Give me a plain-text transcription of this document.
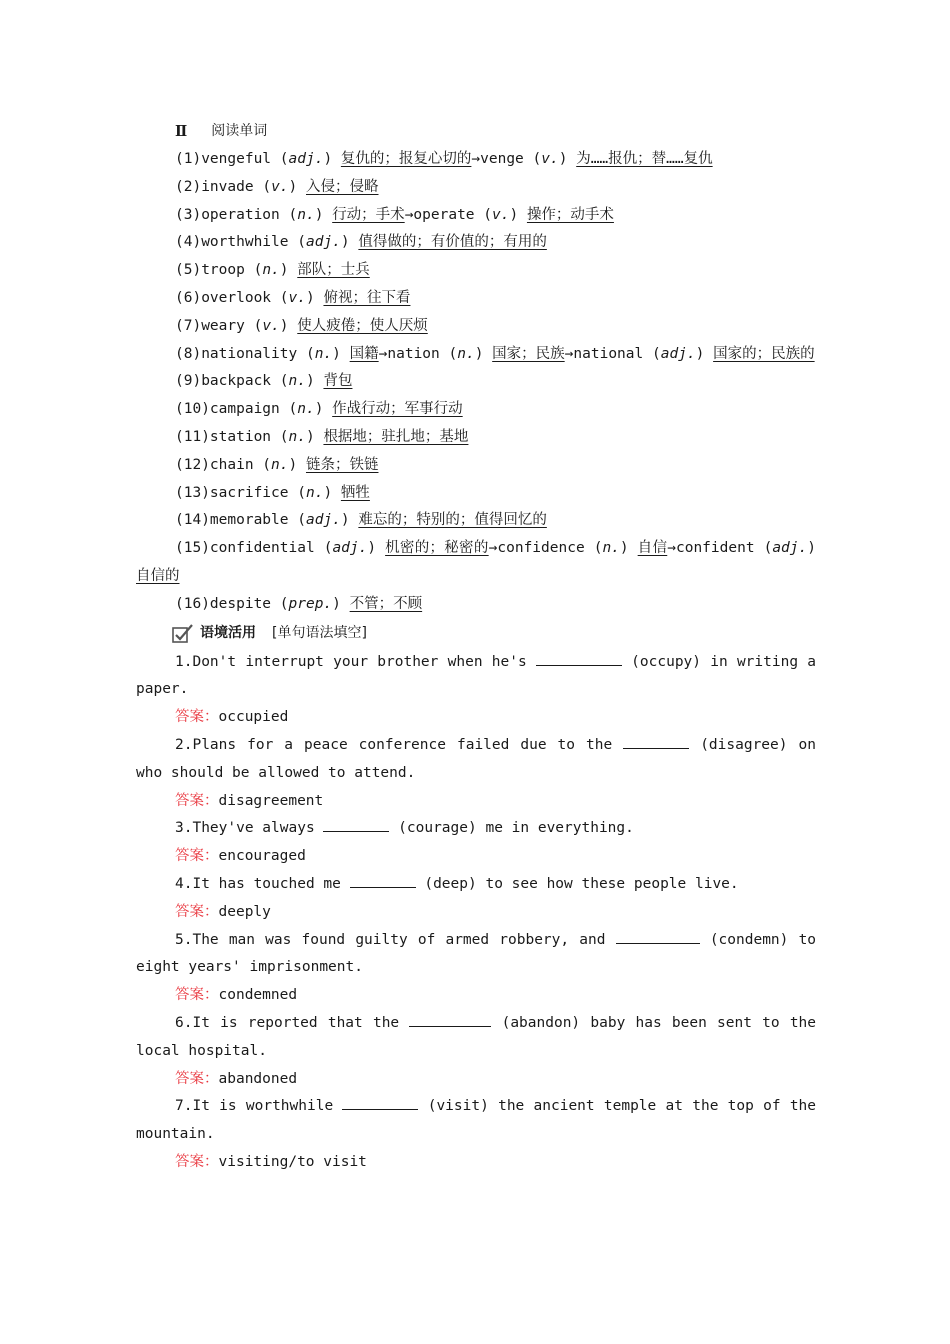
Ⅱ 阅读单词
(1)vengeful (adj.) 复仇的；报复心切的→venge (v.) 为……报仇；替……复仇
(2)invade (v.) 入侵；侵略
(3)operation (n.) 行动；手术→operate (v.) 操作；动手术
(4)worthwhile (adj.) 值得做的；有价值的；有用的
(5)troop (n.) 部队；士兵
(6)overlook (v.) 俯视；往下看
(7)weary (v.) 使人疲倦；使人厌烦
(8)nationality (n.) 国籍→nation (n.) 国家；民族→national (adj.) 国家的；民族的
(9)backpack (n.) 背包
(10)campaign (n.) 作战行动；军事行动
(11)station (n.) 根据地；驻扎地；基地
(12)chain (n.) 链条；铁链
(13)sacrifice (n.) 牺牲
(14)memorable (adj.) 难忘的；特别的；值得回忆的
(15)confidential (adj.) 机密的；秘密的→confidence (n.) 自信→confident (adj.) 自信的
(16)despite (prep.) 不管；不顾
语境活用 [单句语法填空]
1.Don't interrupt your brother when he's	(occupy) in writing a paper.
答案：occupied
2.Plans for a peace conference failed due to the	(disagree) on who should be allowed to attend.
答案：disagreement
3.They've always	(courage) me in everything.
答案：encouraged
4.It has touched me	(deep) to see how these people live.
答案：deeply
5.The man was found guilty of armed robbery, and	(condemn) to eight years' imprisonment.
答案：condemned
6.It is reported that the	(abandon) baby has been sent to the local hospital.
答案：abandoned
7.It is worthwhile	(visit) the ancient temple at the top of the mountain.
答案：visiting/to visit
